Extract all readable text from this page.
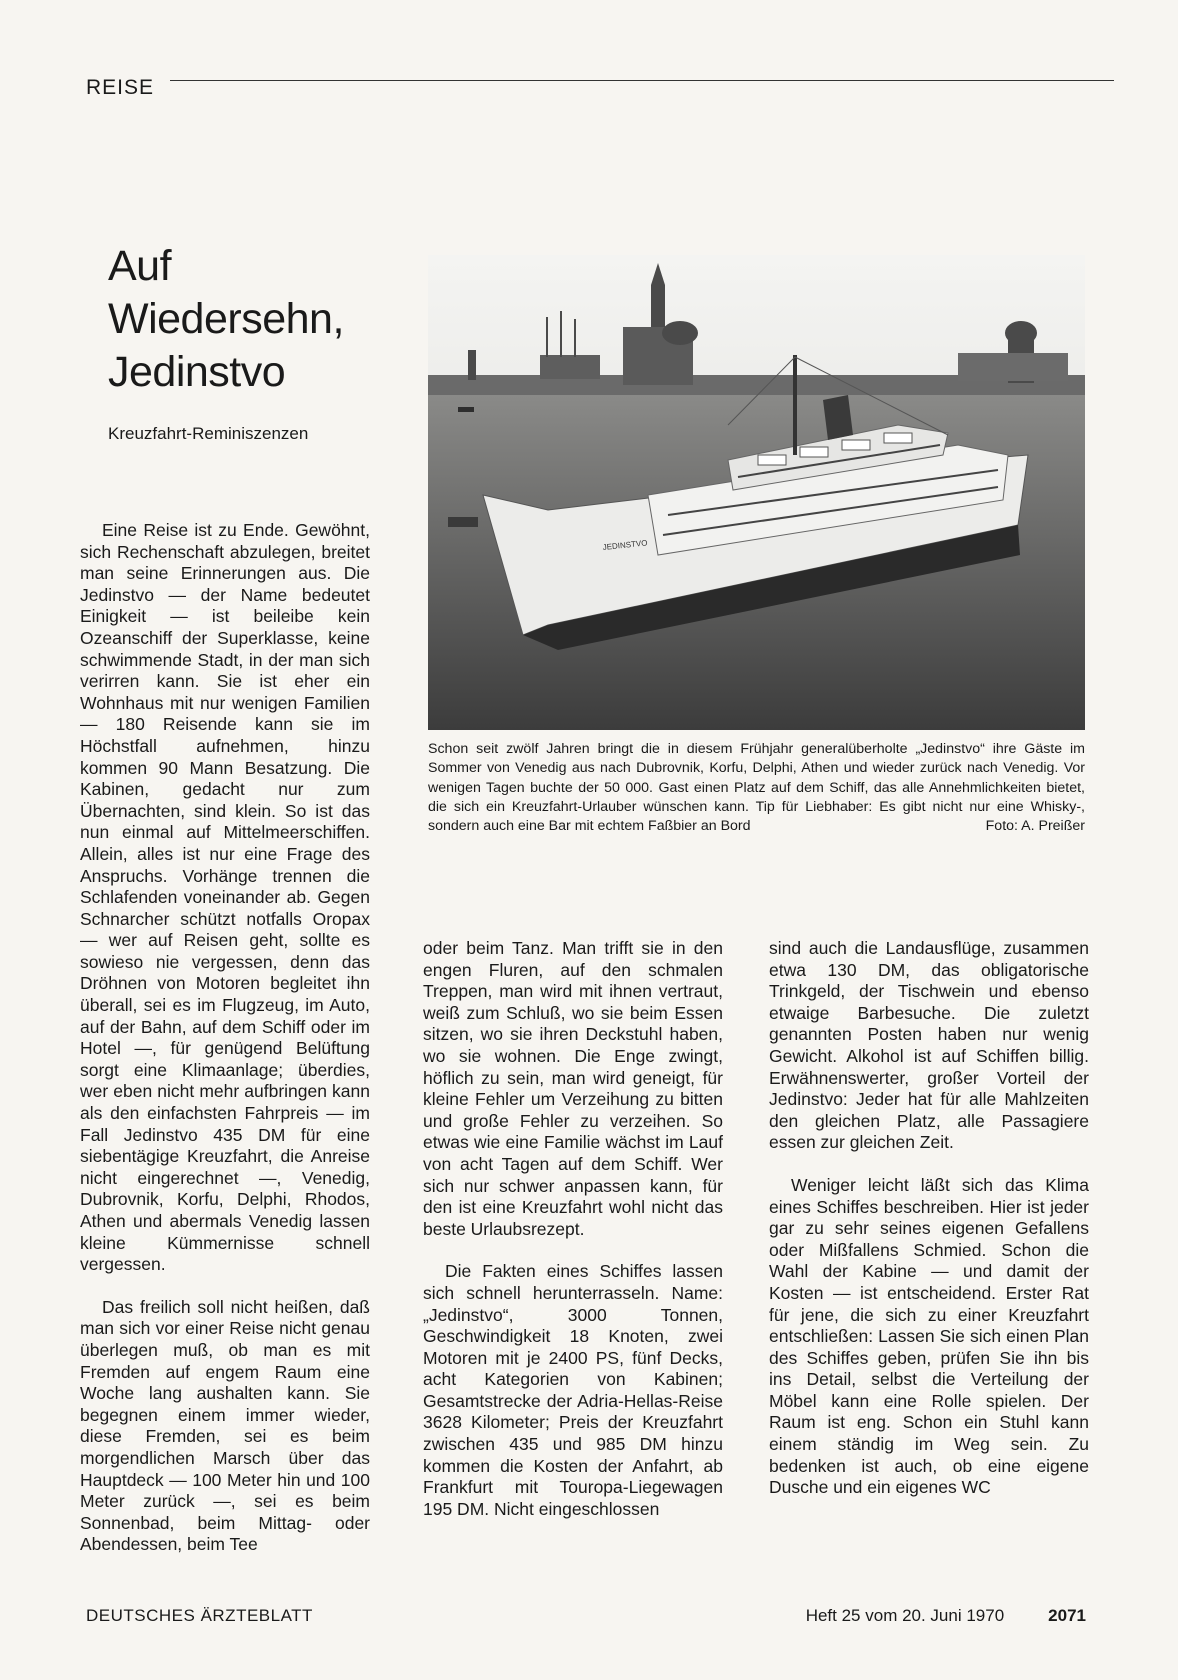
REISE
Auf
Wiedersehn,
Jedinstvo
Kreuzfahrt-Reminiszenzen

Eine Reise ist zu Ende. Gewöhnt, sich Rechenschaft abzulegen, breitet man seine Erinnerungen aus. Die Jedinstvo — der Name bedeutet Einigkeit — ist beileibe kein Ozeanschiff der Superklasse, keine schwimmende Stadt, in der man sich verirren kann. Sie ist eher ein Wohnhaus mit nur wenigen Familien — 180 Reisende kann sie im Höchstfall aufnehmen, hinzu kommen 90 Mann Besatzung. Die Kabinen, gedacht nur zum Übernachten, sind klein. So ist das nun einmal auf Mittelmeerschiffen. Allein, alles ist nur eine Frage des Anspruchs. Vorhänge trennen die Schlafenden voneinander ab. Gegen Schnarcher schützt notfalls Oropax — wer auf Reisen geht, sollte es sowieso nie vergessen, denn das Dröhnen von Motoren begleitet ihn überall, sei es im Flugzeug, im Auto, auf der Bahn, auf dem Schiff oder im Hotel —, für genügend Belüftung sorgt eine Klimaanlage; überdies, wer eben nicht mehr aufbringen kann als den einfachsten Fahrpreis — im Fall Jedinstvo 435 DM für eine siebentägige Kreuzfahrt, die Anreise nicht eingerechnet —, Venedig, Dubrovnik, Korfu, Delphi, Rhodos, Athen und abermals Venedig lassen kleine Kümmernisse schnell vergessen.

Das freilich soll nicht heißen, daß man sich vor einer Reise nicht genau überlegen muß, ob man es mit Fremden auf engem Raum eine Woche lang aushalten kann. Sie begegnen einem immer wieder, diese Fremden, sei es beim morgendlichen Marsch über das Hauptdeck — 100 Meter hin und 100 Meter zurück —, sei es beim Sonnenbad, beim Mittag- oder Abendessen, beim Tee

JEDINSTVO
Schon seit zwölf Jahren bringt die in diesem Frühjahr generalüberholte „Jedinstvo“ ihre Gäste im Sommer von Venedig aus nach Dubrovnik, Korfu, Delphi, Athen und wieder zurück nach Venedig. Vor wenigen Tagen buchte der 50 000. Gast einen Platz auf dem Schiff, das alle Annehmlichkeiten bietet, die sich ein Kreuzfahrt-Urlauber wünschen kann. Tip für Liebhaber: Es gibt nicht nur eine Whisky-, sondern auch eine Bar mit echtem Faßbier an Bord	Foto: A. Preißer

oder beim Tanz. Man trifft sie in den engen Fluren, auf den schmalen Treppen, man wird mit ihnen vertraut, weiß zum Schluß, wo sie beim Essen sitzen, wo sie ihren Deckstuhl haben, wo sie wohnen. Die Enge zwingt, höflich zu sein, man wird geneigt, für kleine Fehler um Verzeihung zu bitten und große Fehler zu verzeihen. So etwas wie eine Familie wächst im Lauf von acht Tagen auf dem Schiff. Wer sich nur schwer anpassen kann, für den ist eine Kreuzfahrt wohl nicht das beste Urlaubsrezept.

Die Fakten eines Schiffes lassen sich schnell herunterrasseln. Name: „Jedinstvo“, 3000 Tonnen, Geschwindigkeit 18 Knoten, zwei Motoren mit je 2400 PS, fünf Decks, acht Kategorien von Kabinen; Gesamtstrecke der Adria-Hellas-Reise 3628 Kilometer; Preis der Kreuzfahrt zwischen 435 und 985 DM hinzu kommen die Kosten der Anfahrt, ab Frankfurt mit Touropa-Liegewagen 195 DM. Nicht eingeschlossen

sind auch die Landausflüge, zusammen etwa 130 DM, das obligatorische Trinkgeld, der Tischwein und ebenso etwaige Barbesuche. Die zuletzt genannten Posten haben nur wenig Gewicht. Alkohol ist auf Schiffen billig. Erwähnenswerter, großer Vorteil der Jedinstvo: Jeder hat für alle Mahlzeiten den gleichen Platz, alle Passagiere essen zur gleichen Zeit.

Weniger leicht läßt sich das Klima eines Schiffes beschreiben. Hier ist jeder gar zu sehr seines eigenen Gefallens oder Mißfallens Schmied. Schon die Wahl der Kabine — und damit der Kosten — ist entscheidend. Erster Rat für jene, die sich zu einer Kreuzfahrt entschließen: Lassen Sie sich einen Plan des Schiffes geben, prüfen Sie ihn bis ins Detail, selbst die Verteilung der Möbel kann eine Rolle spielen. Der Raum ist eng. Schon ein Stuhl kann einem ständig im Weg sein. Zu bedenken ist auch, ob eine eigene Dusche und ein eigenes WC

DEUTSCHES ÄRZTEBLATT	Heft 25 vom 20. Juni 1970	2071
